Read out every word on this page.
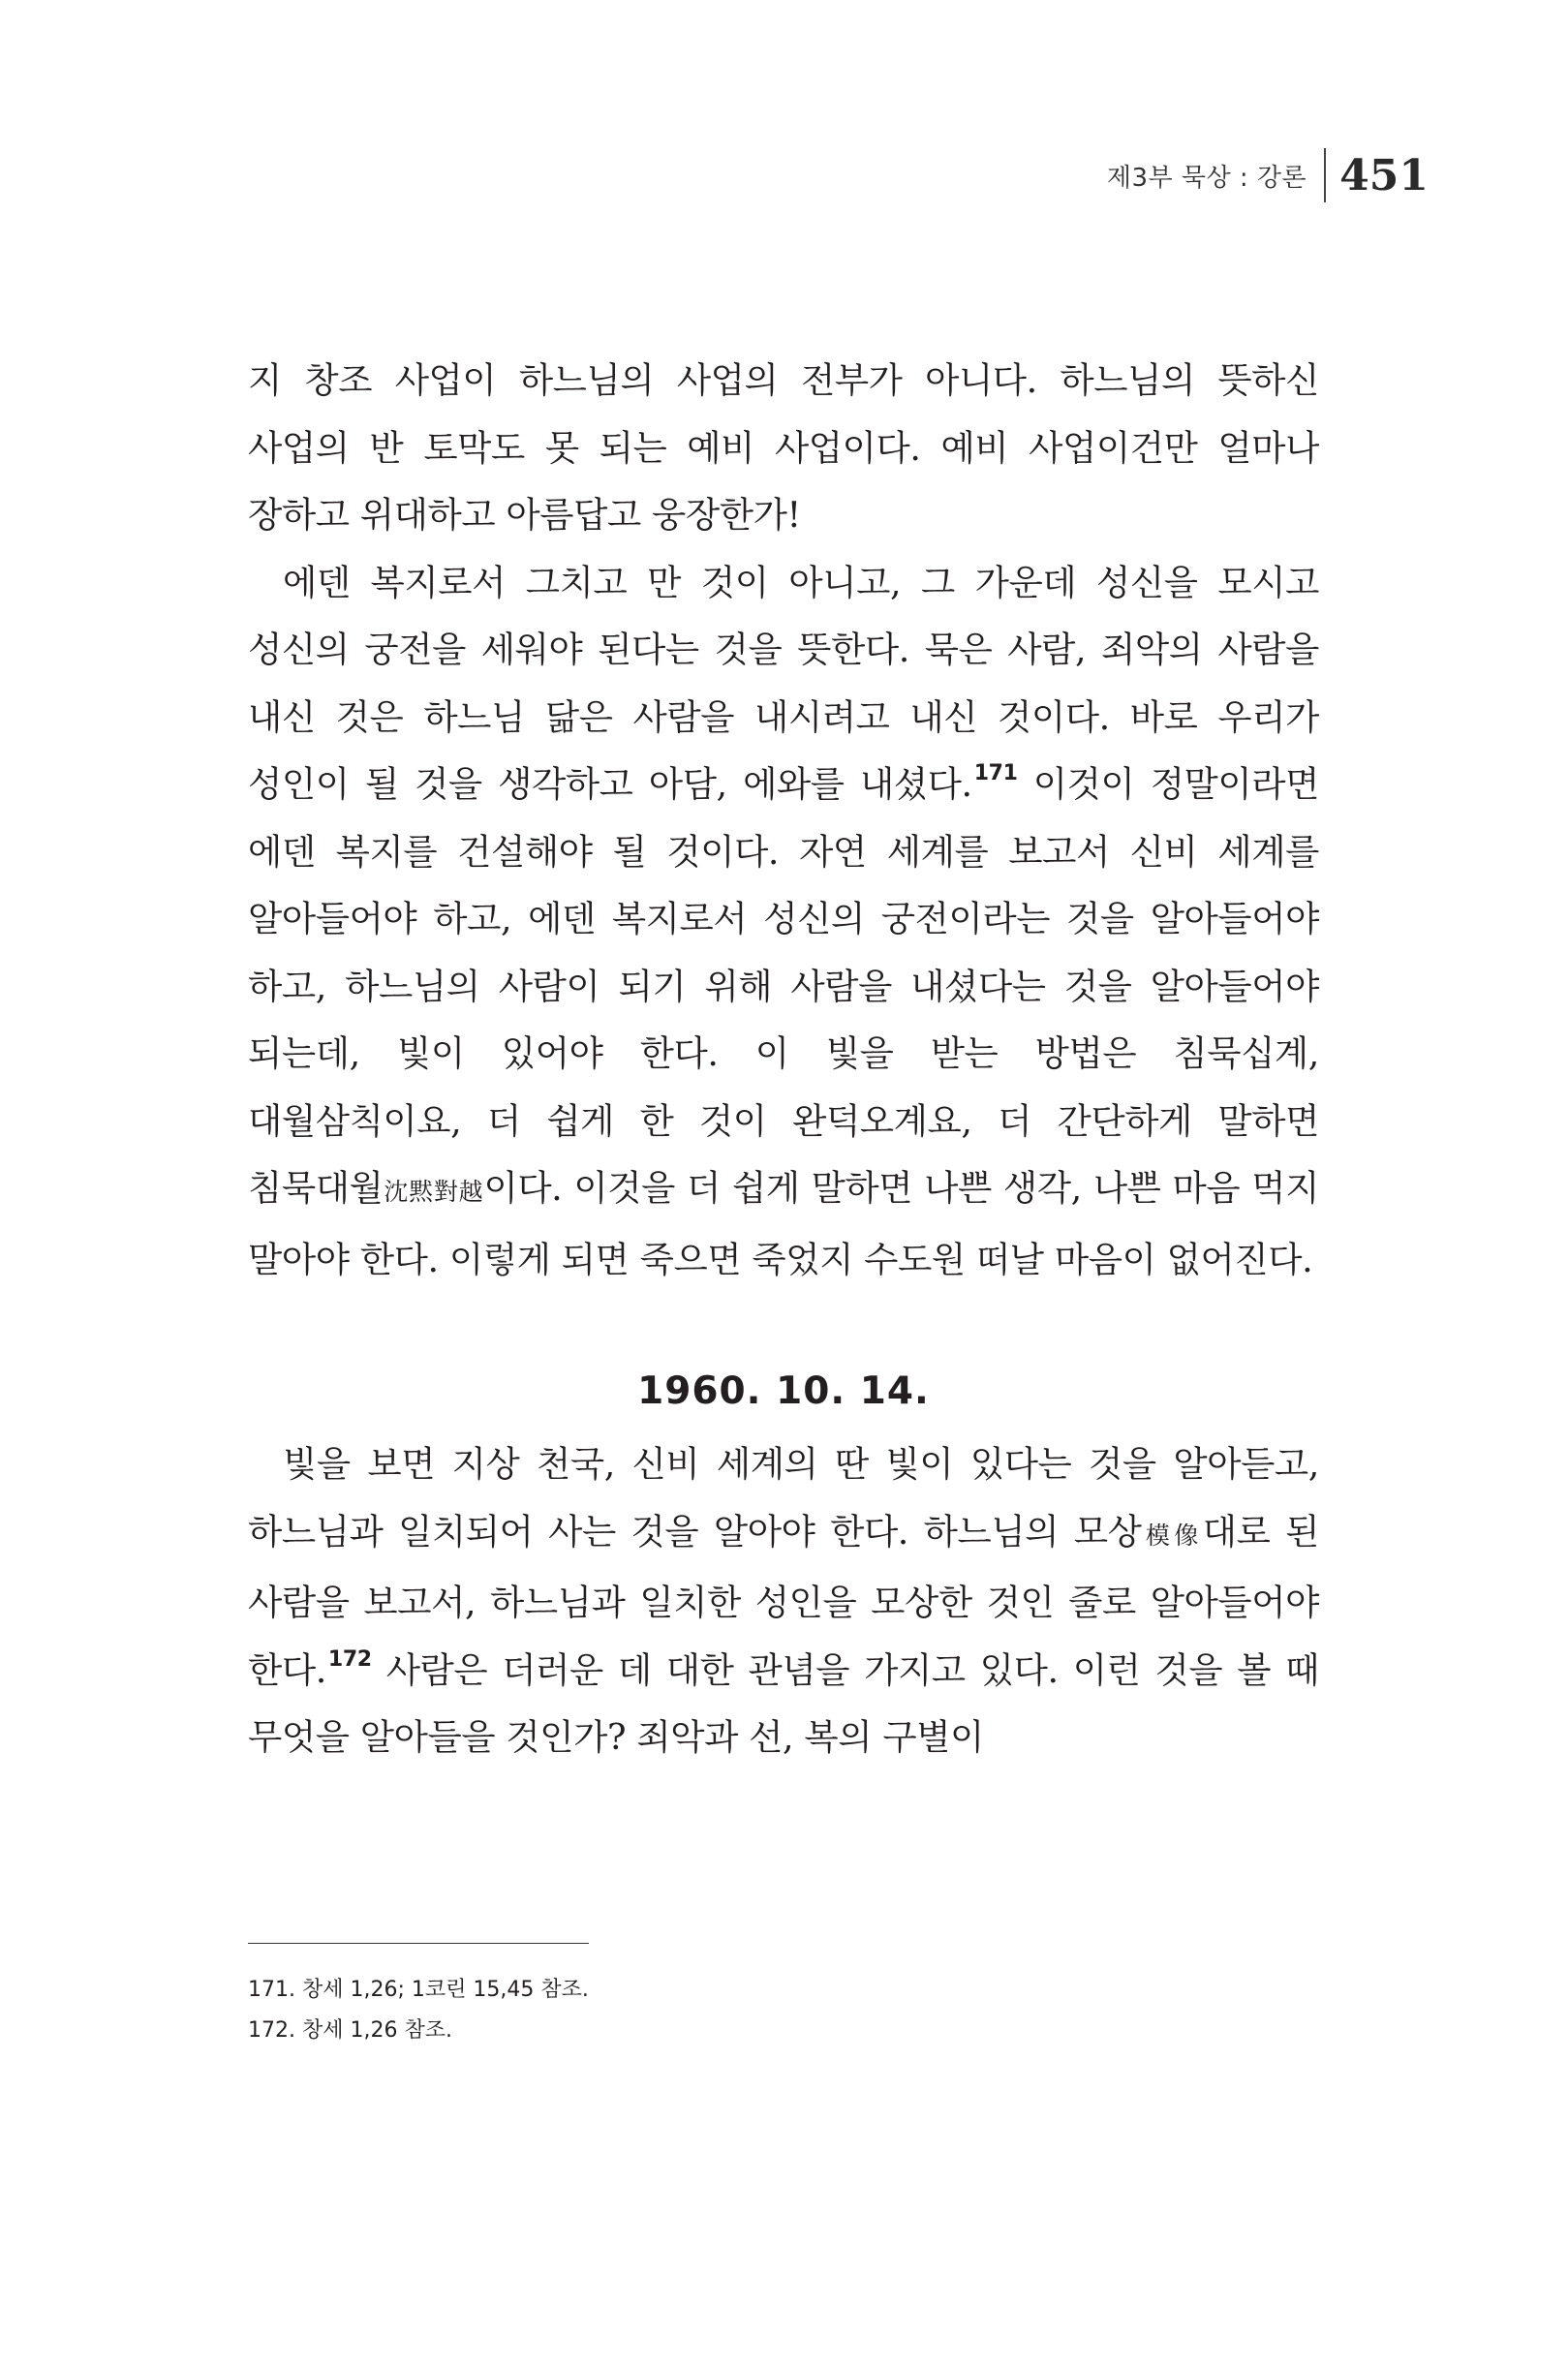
제3부 묵상 : 강론 451

지 창조 사업이 하느님의 사업의 전부가 아니다. 하느님의 뜻하신 사업의 반 토막도 못 되는 예비 사업이다. 예비 사업이건만 얼마나 장하고 위대하고 아름답고 웅장한가!

에덴 복지로서 그치고 만 것이 아니고, 그 가운데 성신을 모시고 성신의 궁전을 세워야 된다는 것을 뜻한다. 묵은 사람, 죄악의 사람을 내신 것은 하느님 닮은 사람을 내시려고 내신 것이다. 바로 우리가 성인이 될 것을 생각하고 아담, 에와를 내셨다.$^{171}$ 이것이 정말이라면 에덴 복지를 건설해야 될 것이다. 자연 세계를 보고서 신비 세계를 알아들어야 하고, 에덴 복지로서 성신의 궁전이라는 것을 알아들어야 하고, 하느님의 사람이 되기 위해 사람을 내셨다는 것을 알아들어야 되는데, 빛이 있어야 한다. 이 빛을 받는 방법은 침묵십계, 대월삼칙이요, 더 쉽게 한 것이 완덕오계요, 더 간단하게 말하면 침묵대월沈黙對越이다. 이것을 더 쉽게 말하면 나쁜 생각, 나쁜 마음 먹지 말아야 한다. 이렇게 되면 죽으면 죽었지 수도원 떠날 마음이 없어진다.

1960. 10. 14.

빛을 보면 지상 천국, 신비 세계의 딴 빛이 있다는 것을 알아듣고, 하느님과 일치되어 사는 것을 알아야 한다. 하느님의 모상模像대로 된 사람을 보고서, 하느님과 일치한 성인을 모상한 것인 줄로 알아들어야 한다.$^{172}$ 사람은 더러운 데 대한 관념을 가지고 있다. 이런 것을 볼 때 무엇을 알아들을 것인가? 죄악과 선, 복의 구별이

171. 창세 1,26; 1코린 15,45 참조.
172. 창세 1,26 참조.
